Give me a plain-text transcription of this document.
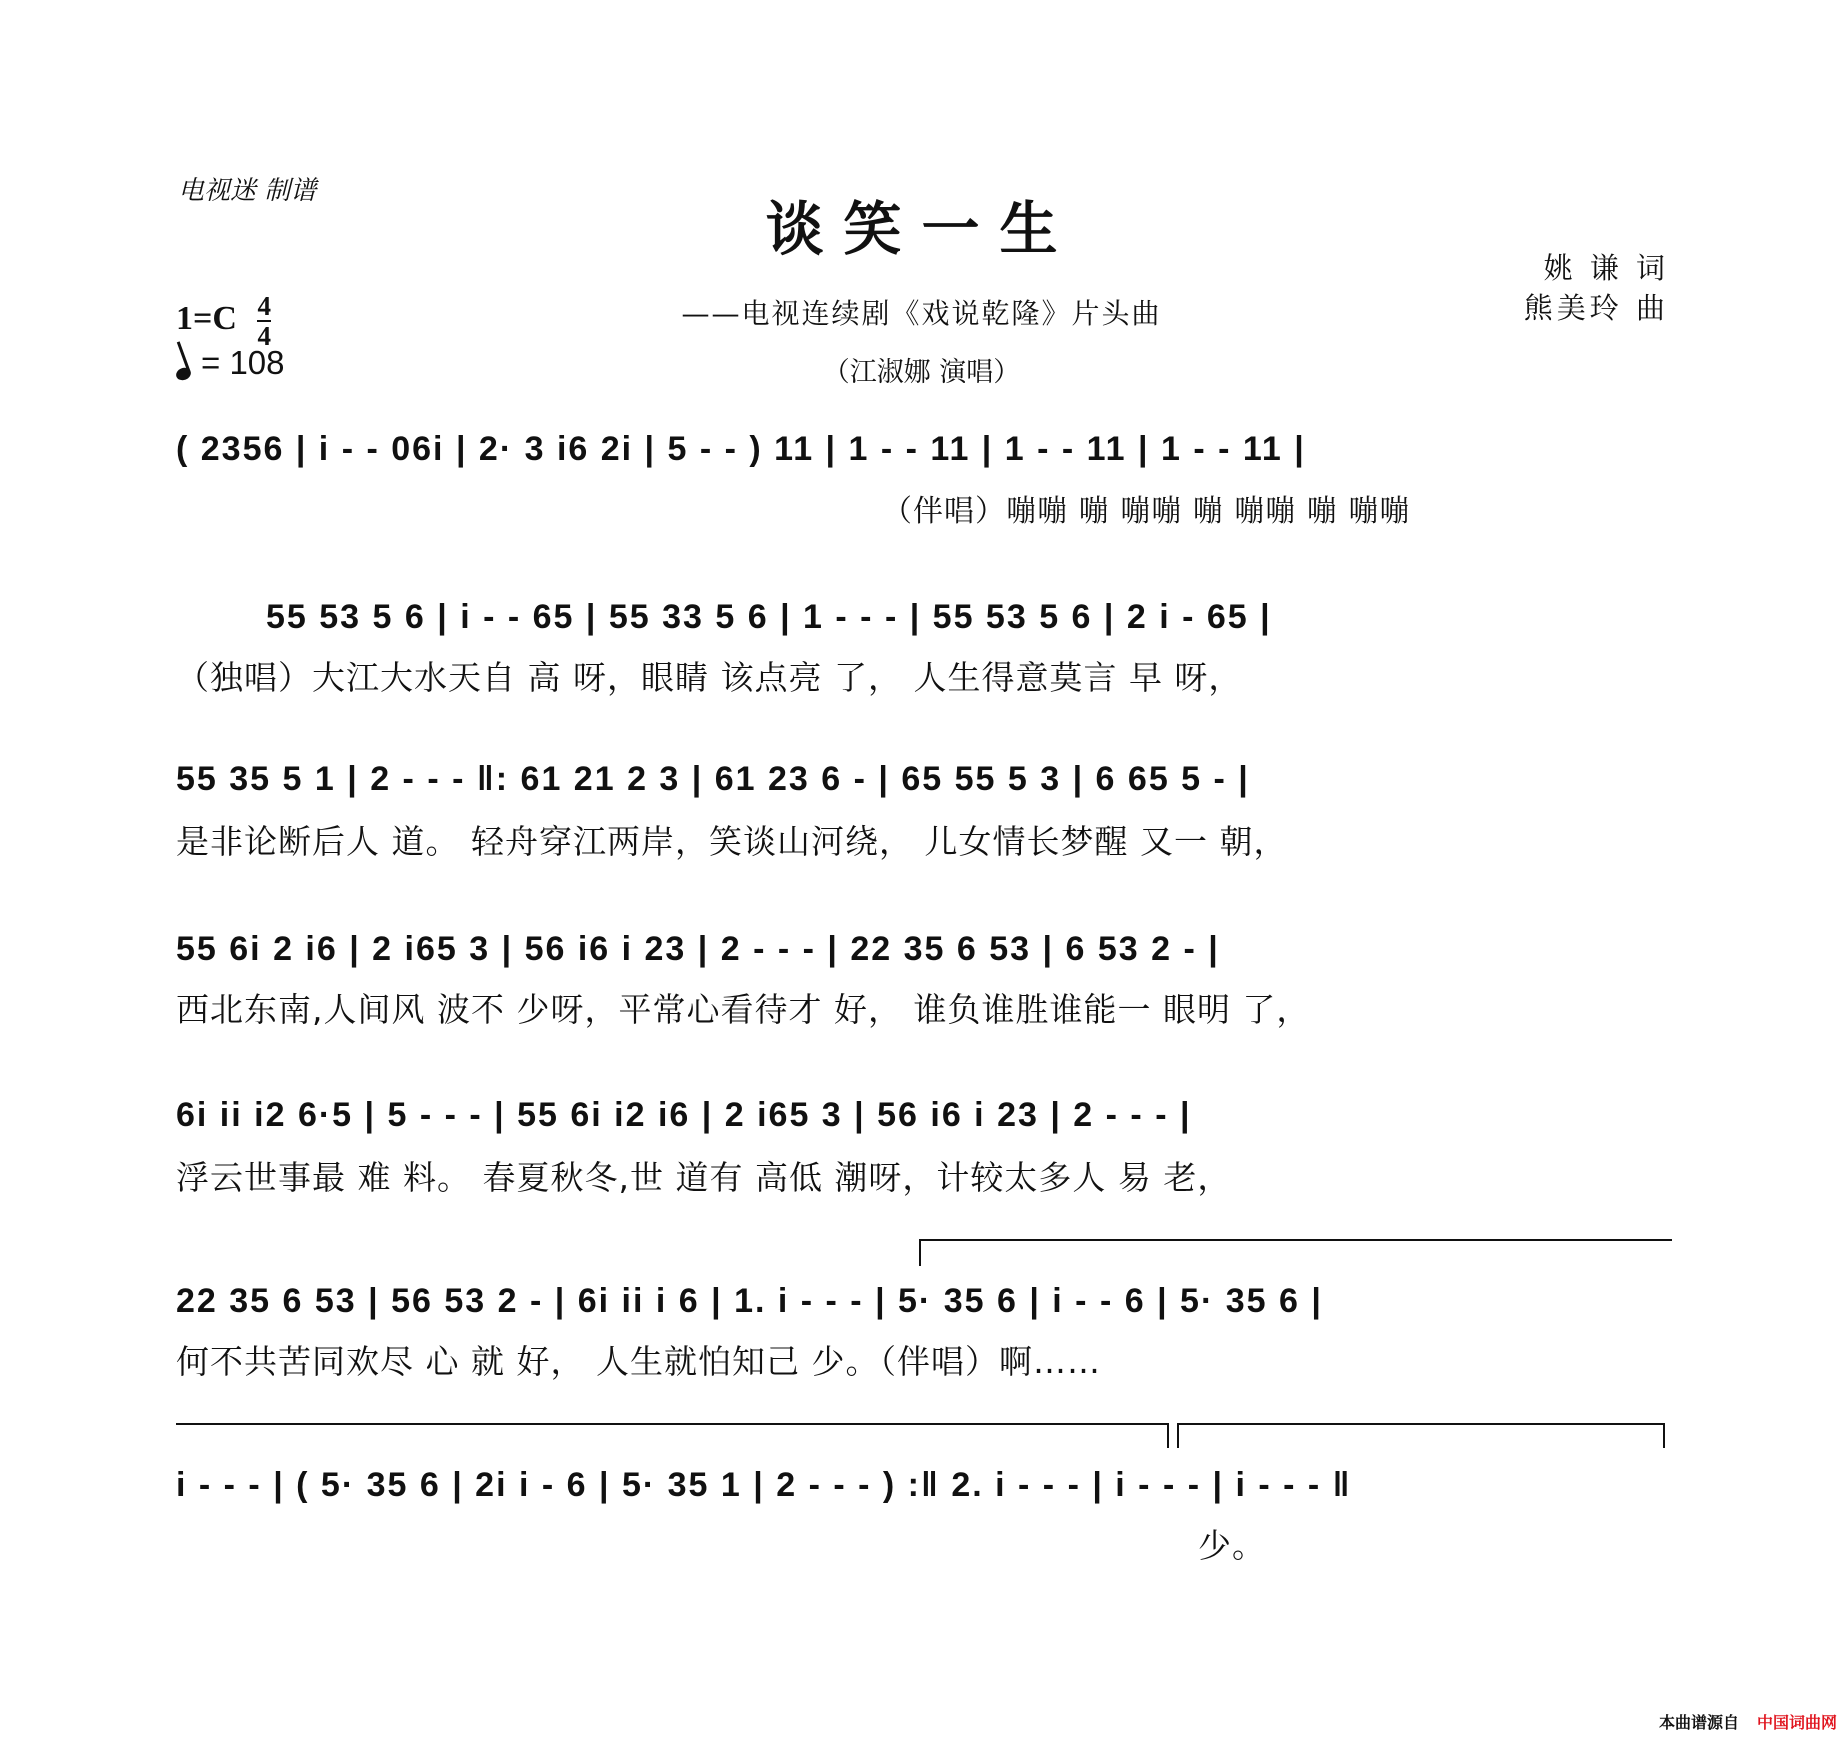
电视迷 制谱
谈笑一生
——电视连续剧《戏说乾隆》片头曲
（江淑娜 演唱）
姚 谦 词
熊美玲 曲
$1=C \frac{4}{4}$
= 108
( 2356 | i - - 06i | 2· 3 i6 2i | 5 - - ) 11 | 1 - - 11 | 1 - - 11 | 1 - - 11 |
（伴唱）嘣嘣 嘣 嘣嘣 嘣 嘣嘣 嘣 嘣嘣
55 53 5 6 | i - - 65 | 55 33 5 6 | 1 - - - | 55 53 5 6 | 2 i - 65 |
（独唱）大江大水天自 高 呀，眼睛 该点亮 了， 人生得意莫言 早 呀，
55 35 5 1 | 2 - - - ‖: 61 21 2 3 | 61 23 6 - | 65 55 5 3 | 6 65 5 - |
是非论断后人 道。 轻舟穿江两岸，笑谈山河绕， 儿女情长梦醒 又一 朝，
55 6i 2 i6 | 2 i65 3 | 56 i6 i 23 | 2 - - - | 22 35 6 53 | 6 53 2 - |
西北东南,人间风 波不 少呀，平常心看待才 好， 谁负谁胜谁能一 眼明 了，
6i ii i2 6·5 | 5 - - - | 55 6i i2 i6 | 2 i65 3 | 56 i6 i 23 | 2 - - - |
浮云世事最 难 料。 春夏秋冬,世 道有 高低 潮呀，计较太多人 易 老，
22 35 6 53 | 56 53 2 - | 6i ii i 6 | 1. i - - - | 5· 35 6 | i - - 6 | 5· 35 6 |
何不共苦同欢尽 心 就 好， 人生就怕知己 少。（伴唱）啊……
i - - - | ( 5· 35 6 | 2i i - 6 | 5· 35 1 | 2 - - - ) :‖ 2. i - - - | i - - - | i - - - ‖
少。
本曲谱源自 中国词曲网
